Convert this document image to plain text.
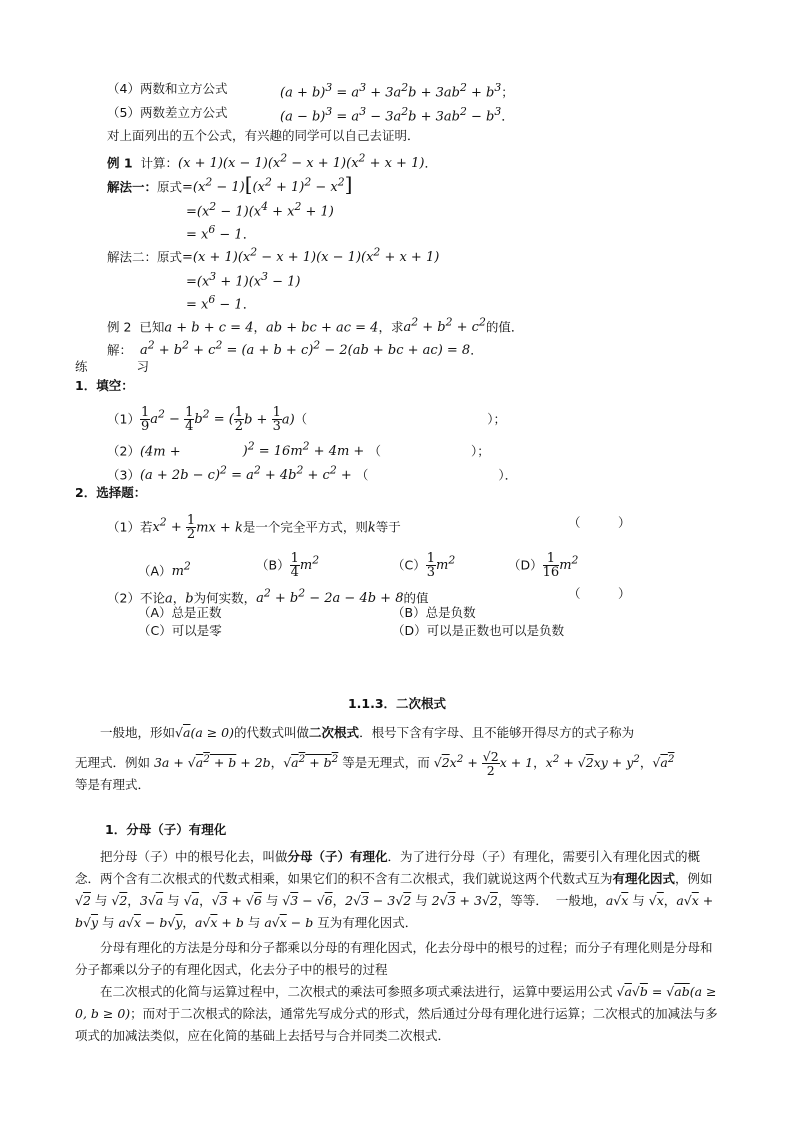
（4）两数和立方公式	$(a + b)^3 = a^3 + 3a^2b + 3ab^2 + b^3$；
（5）两数差立方公式	$(a - b)^3 = a^3 - 3a^2b + 3ab^2 - b^3$．
对上面列出的五个公式，有兴趣的同学可以自己去证明．
例 1 计算：$(x + 1)(x - 1)(x^2 - x + 1)(x^2 + x + 1)$．
解法一：原式$=(x^2 - 1)[(x^2 + 1)^2 - x^2]$
$=(x^2 - 1)(x^4 + x^2 + 1)$
= $x^6 - 1$．
解法二：原式$=(x + 1)(x^2 - x + 1)(x - 1)(x^2 + x + 1)$
$=(x^3 + 1)(x^3 - 1)$
= $x^6 - 1$．
例 2  已知a + b + c = 4，ab + bc + ac = 4，求$a^2 + b^2 + c^2$的值．
解：  $a^2 + b^2 + c^2 = (a + b + c)^2 - 2(ab$ + bc + ac) = 8．
练　　习
1．填空：
$(1) \frac{1}{9} a^2 - \frac{1}{4} b^2$ = ( $\frac{1}{2}$ $b + \frac{1}{3} a$)（	）；
（2）(4m +	)$^2 = 16m^2 + 4m$ + （	）；
$(3)(a + 2b - c)^2 = a^2 + 4b^2 + c^2$ + （	）．
2．选择题：
（1）若$x^2 + \frac{1}{2}$ mx + k是一个完全平方式，则k等于	（　　　）
$(A)m^2$	$(B) \frac{1}{4} m^2$	$(C) \frac{1}{3} m^2$	$(D) \frac{1}{16} m^2$
（2）不论a，b为何实数，$a^2 + b^2 - 2a - 4b + 8$的值	（　　　）
（A）总是正数	（B）总是负数
（C）可以是零	（D）可以是正数也可以是负数
1.1.3．二次根式
一般地，形如√a(a ≥ 0)的代数式叫做二次根式．根号下含有字母、且不能够开得尽方的式子称为
无理式．例如 $3a + √a^2 + b + 2b$，$√a^2 + b^2$ 等是无理式，而 $√2x^2 + \frac{√2}{2}$ x + 1，$x^2 + √2xy + y^2$，$√a^2$
等是有理式．
1．分母（子）有理化
把分母（子）中的根号化去，叫做分母（子）有理化．为了进行分母（子）有理化，需要引入有理化因式的概念．两个含有二次根式的代数式相乘，如果它们的积不含有二次根式，我们就说这两个代数式互为有理化因式，例如 √2 与 √2，3√a 与 √a，√3 + √6 与 √3 − √6，2√3 − 3√2 与 2√3 + 3√2，等等．  一般地，a√x 与 √x，a√x + b√y 与 a√x − b√y，a√x + b 与 a√x − b 互为有理化因式．
分母有理化的方法是分母和分子都乘以分母的有理化因式，化去分母中的根号的过程；而分子有理化则是分母和分子都乘以分子的有理化因式，化去分子中的根号的过程
在二次根式的化简与运算过程中，二次根式的乘法可参照多项式乘法进行，运算中要运用公式 √a√b = √ab(a ≥ 0, b ≥ 0)；而对于二次根式的除法，通常先写成分式的形式，然后通过分母有理化进行运算；二次根式的加减法与多项式的加减法类似，应在化简的基础上去括号与合并同类二次根式．
